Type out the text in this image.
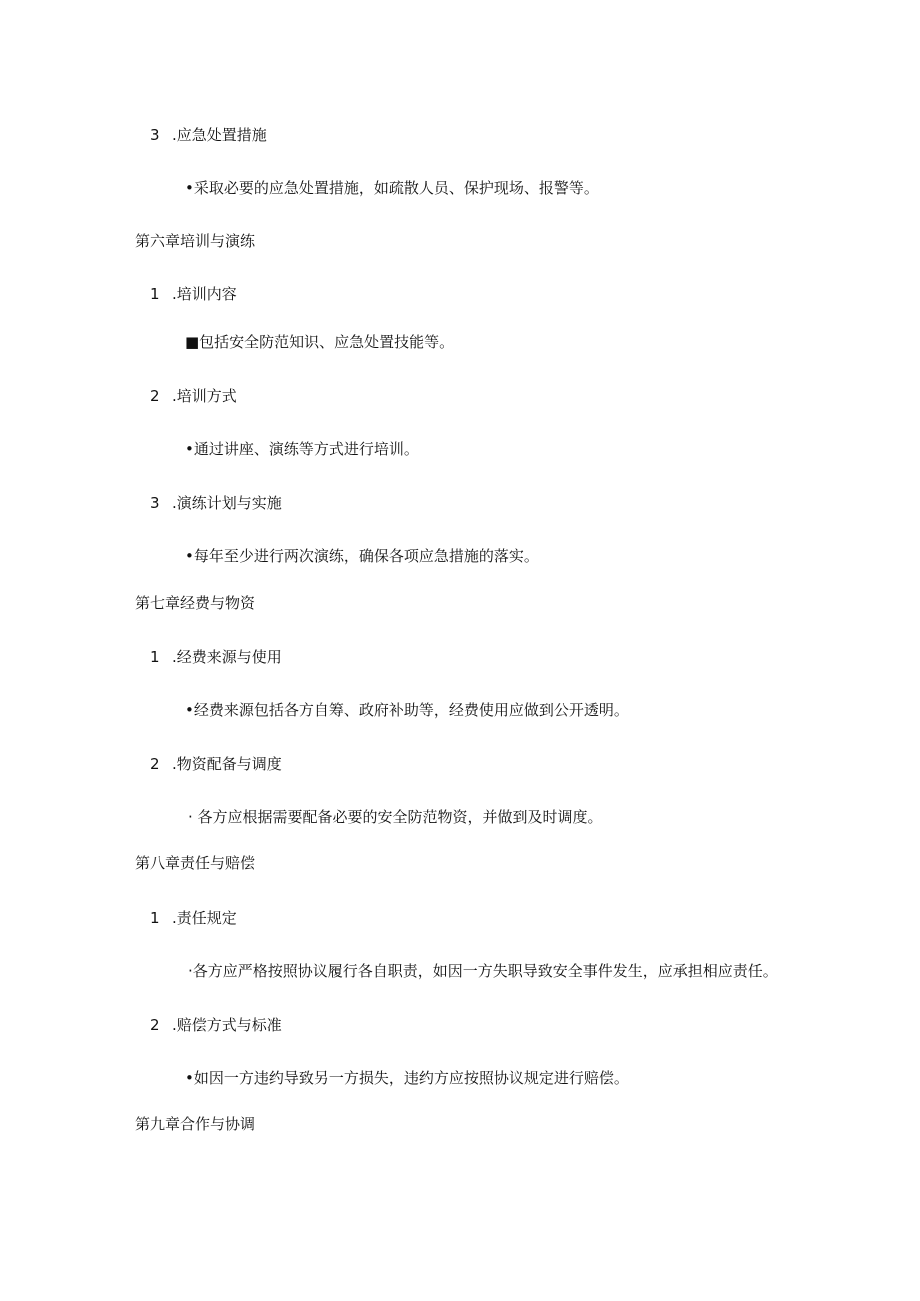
3 .应急处置措施
•采取必要的应急处置措施，如疏散人员、保护现场、报警等。
第六章培训与演练
1 .培训内容
■包括安全防范知识、应急处置技能等。
2 .培训方式
•通过讲座、演练等方式进行培训。
3 .演练计划与实施
•每年至少进行两次演练，确保各项应急措施的落实。
第七章经费与物资
1 .经费来源与使用
•经费来源包括各方自筹、政府补助等，经费使用应做到公开透明。
2 .物资配备与调度
· 各方应根据需要配备必要的安全防范物资，并做到及时调度。
第八章责任与赔偿
1 .责任规定
·各方应严格按照协议履行各自职责，如因一方失职导致安全事件发生，应承担相应责任。
2 .赔偿方式与标准
•如因一方违约导致另一方损失，违约方应按照协议规定进行赔偿。
第九章合作与协调
